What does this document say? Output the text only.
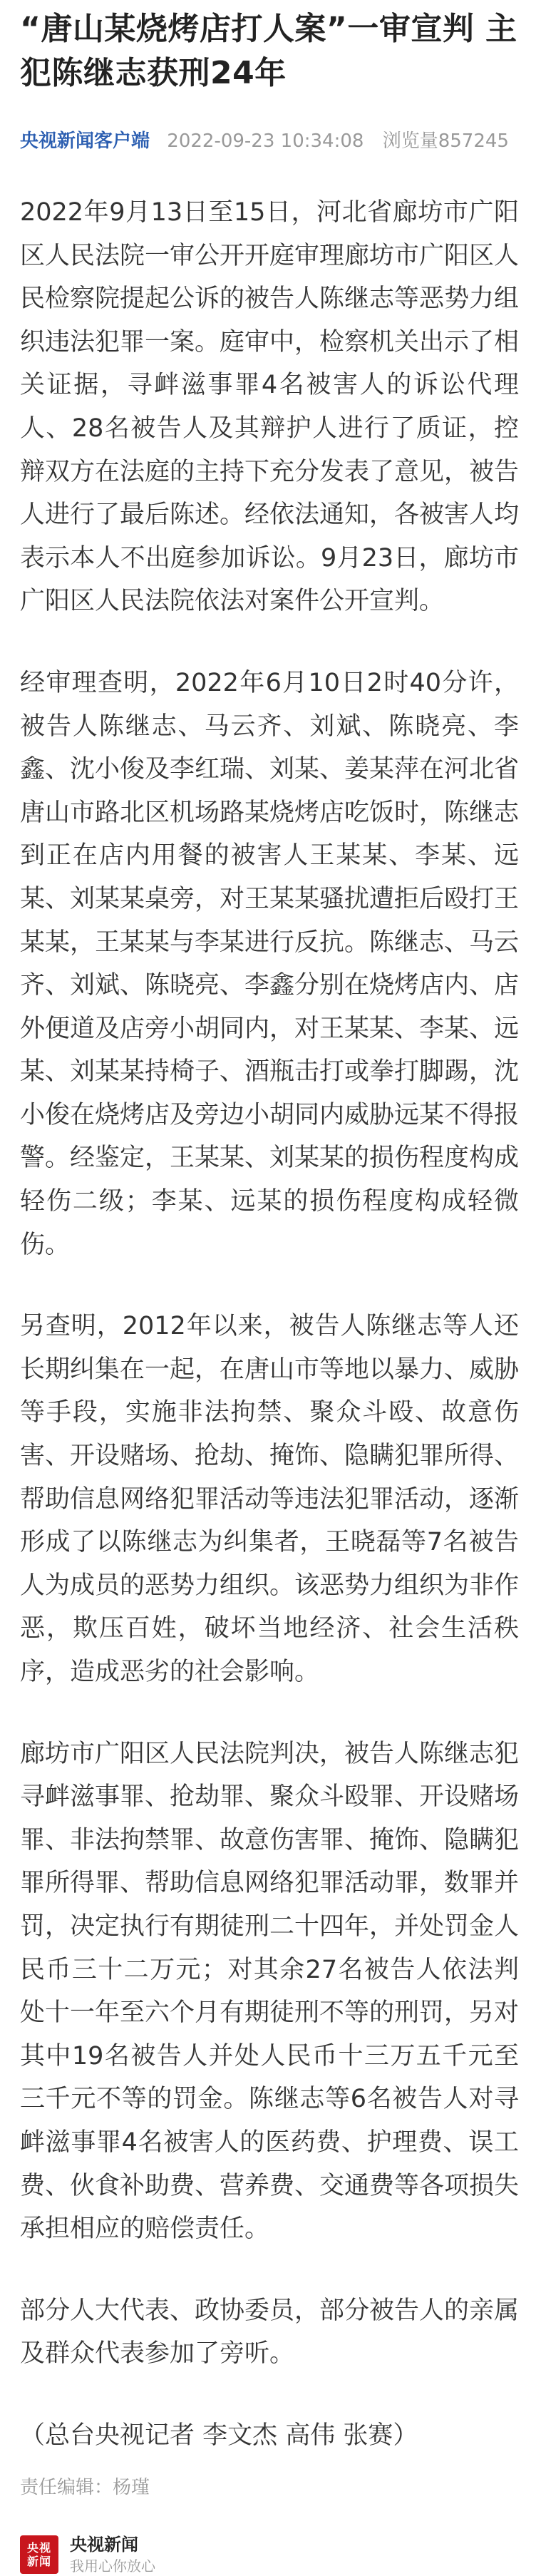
“唐山某烧烤店打人案”一审宣判 主犯陈继志获刑24年
央视新闻客户端 2022-09-23 10:34:08 浏览量857245

2022年9月13日至15日，河北省廊坊市广阳区人民法院一审公开开庭审理廊坊市广阳区人民检察院提起公诉的被告人陈继志等恶势力组织违法犯罪一案。庭审中，检察机关出示了相关证据，寻衅滋事罪4名被害人的诉讼代理人、28名被告人及其辩护人进行了质证，控辩双方在法庭的主持下充分发表了意见，被告人进行了最后陈述。经依法通知，各被害人均表示本人不出庭参加诉讼。9月23日，廊坊市广阳区人民法院依法对案件公开宣判。

经审理查明，2022年6月10日2时40分许，被告人陈继志、马云齐、刘斌、陈晓亮、李鑫、沈小俊及李红瑞、刘某、姜某萍在河北省唐山市路北区机场路某烧烤店吃饭时，陈继志到正在店内用餐的被害人王某某、李某、远某、刘某某桌旁，对王某某骚扰遭拒后殴打王某某，王某某与李某进行反抗。陈继志、马云齐、刘斌、陈晓亮、李鑫分别在烧烤店内、店外便道及店旁小胡同内，对王某某、李某、远某、刘某某持椅子、酒瓶击打或拳打脚踢，沈小俊在烧烤店及旁边小胡同内威胁远某不得报警。经鉴定，王某某、刘某某的损伤程度构成轻伤二级；李某、远某的损伤程度构成轻微伤。

另查明，2012年以来，被告人陈继志等人还长期纠集在一起，在唐山市等地以暴力、威胁等手段，实施非法拘禁、聚众斗殴、故意伤害、开设赌场、抢劫、掩饰、隐瞒犯罪所得、帮助信息网络犯罪活动等违法犯罪活动，逐渐形成了以陈继志为纠集者，王晓磊等7名被告人为成员的恶势力组织。该恶势力组织为非作恶，欺压百姓，破坏当地经济、社会生活秩序，造成恶劣的社会影响。

廊坊市广阳区人民法院判决，被告人陈继志犯寻衅滋事罪、抢劫罪、聚众斗殴罪、开设赌场罪、非法拘禁罪、故意伤害罪、掩饰、隐瞒犯罪所得罪、帮助信息网络犯罪活动罪，数罪并罚，决定执行有期徒刑二十四年，并处罚金人民币三十二万元；对其余27名被告人依法判处十一年至六个月有期徒刑不等的刑罚，另对其中19名被告人并处人民币十三万五千元至三千元不等的罚金。陈继志等6名被告人对寻衅滋事罪4名被害人的医药费、护理费、误工费、伙食补助费、营养费、交通费等各项损失承担相应的赔偿责任。

部分人大代表、政协委员，部分被告人的亲属及群众代表参加了旁听。

（总台央视记者 李文杰 高伟 张赛）

责任编辑：杨瑾
央视
新闻
央视新闻
我用心你放心
